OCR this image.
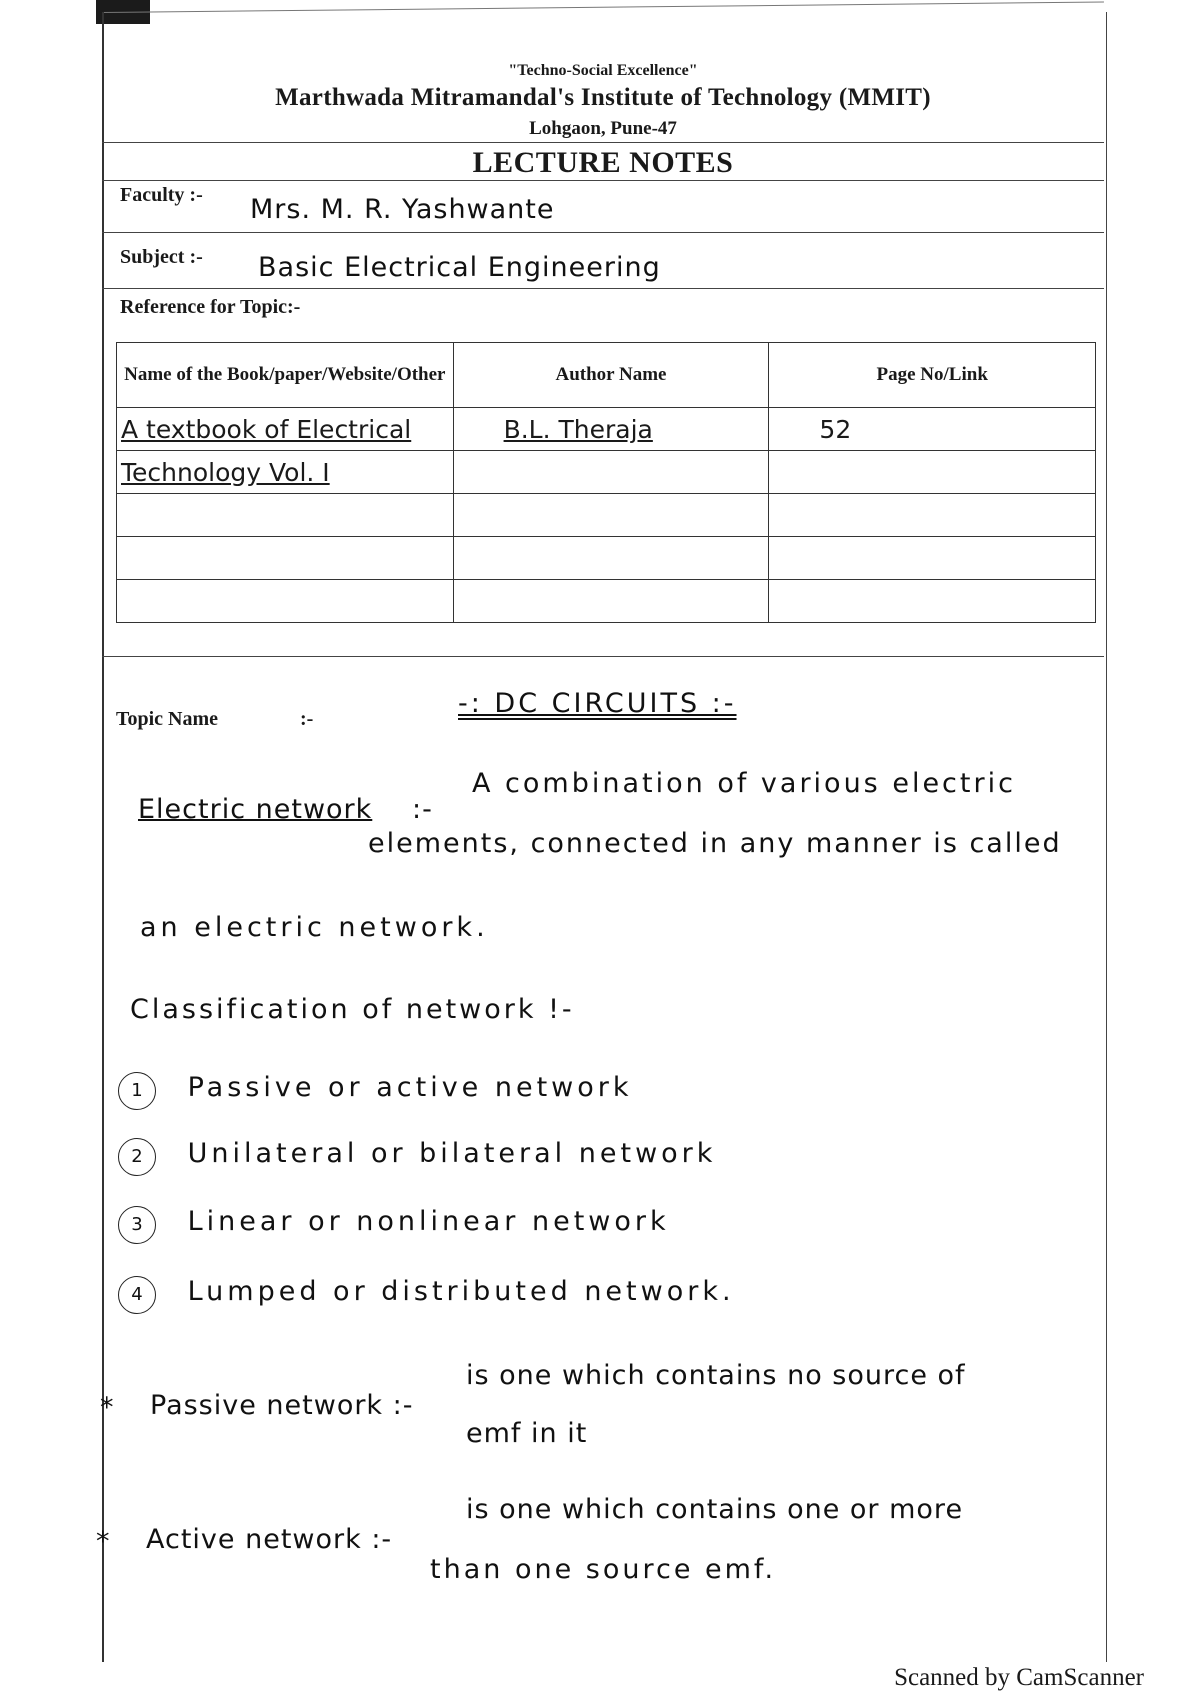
"Techno-Social Excellence"
Marthwada Mitramandal's Institute of Technology (MMIT)
Lohgaon, Pune-47
LECTURE NOTES
Faculty :- Mrs. M. R. Yashwante
Subject :- Basic Electrical Engineering
Reference for Topic:-
Name of the Book/paper/Website/Other	Author Name	Page No/Link
A textbook of Electrical	B.L. Theraja	52
Technology Vol. I		

Topic Name	:-	-: DC CIRCUITS :-
Electric network :-
A combination of various electric
elements, connected in any manner is called
an electric network.
Classification of network !-
1 Passive or active network
2 Unilateral or bilateral network
3 Linear or nonlinear network
4 Lumped or distributed network.
* Passive network :-
is one which contains no source of
emf in it
* Active network :-
is one which contains one or more
than one source emf.
Scanned by CamScanner
